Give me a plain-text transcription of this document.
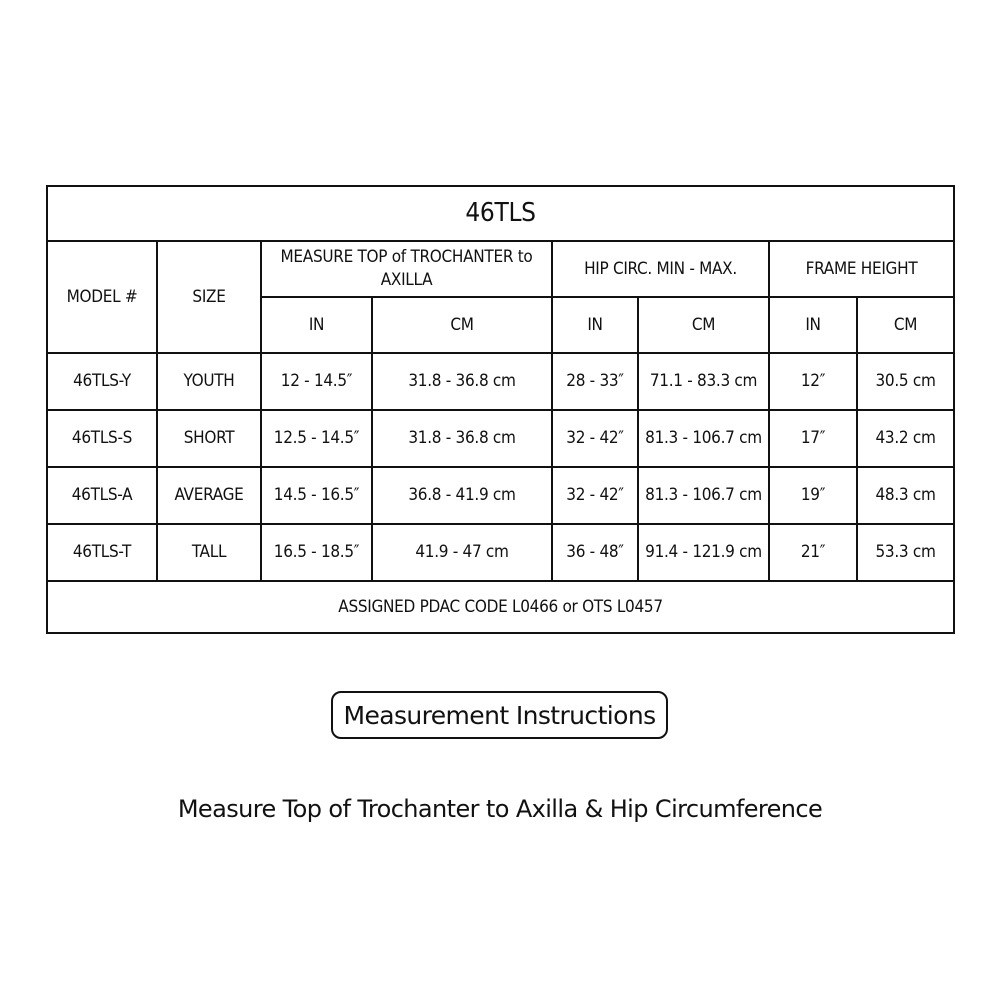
46TLS							
MODEL #	SIZE	MEASURE TOP of TROCHANTER to AXILLA		HIP CIRC. MIN - MAX.		FRAME HEIGHT	
		IN	CM	IN	CM	IN	CM
46TLS-Y	YOUTH	12 - 14.5″	31.8 - 36.8 cm	28 - 33″	71.1 - 83.3 cm	12″	30.5 cm
46TLS-S	SHORT	12.5 - 14.5″	31.8 - 36.8 cm	32 - 42″	81.3 - 106.7 cm	17″	43.2 cm
46TLS-A	AVERAGE	14.5 - 16.5″	36.8 - 41.9 cm	32 - 42″	81.3 - 106.7 cm	19″	48.3 cm
46TLS-T	TALL	16.5 - 18.5″	41.9 - 47 cm	36 - 48″	91.4 - 121.9 cm	21″	53.3 cm
ASSIGNED PDAC CODE L0466 or OTS L0457							
Measurement Instructions
Measure Top of Trochanter to Axilla & Hip Circumference
